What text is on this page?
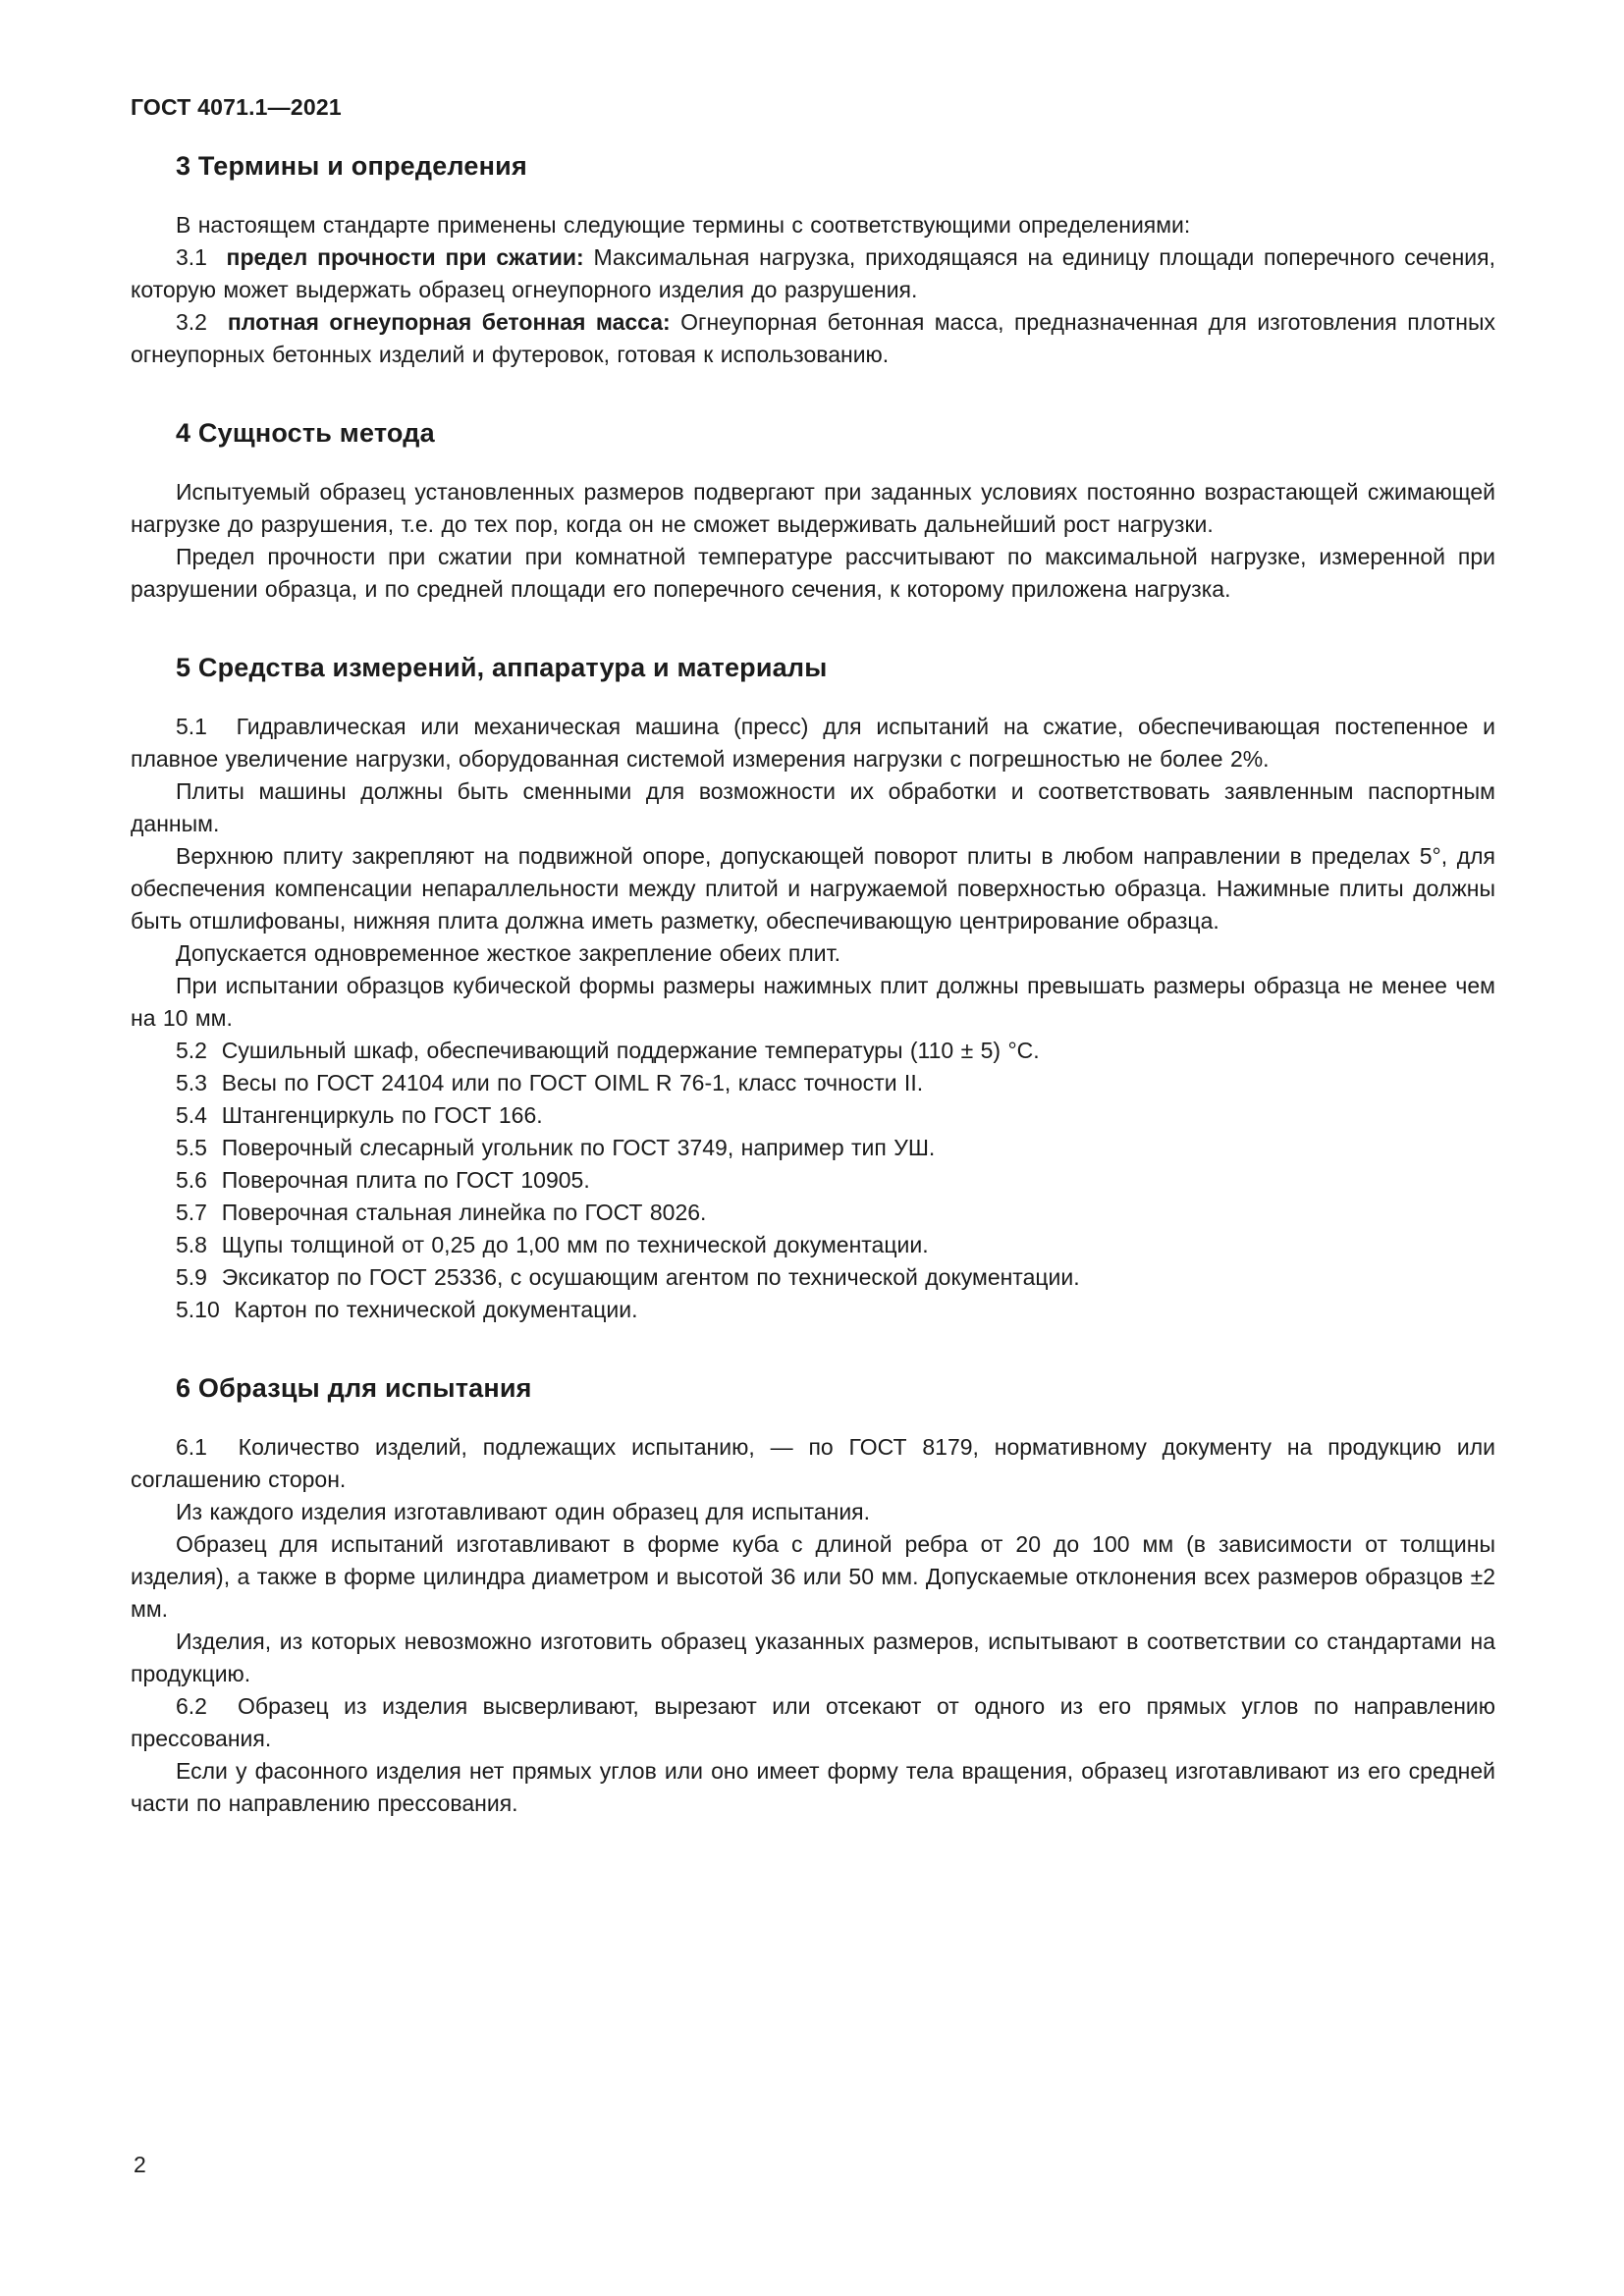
ГОСТ 4071.1—2021
3 Термины и определения

В настоящем стандарте применены следующие термины с соответствующими определениями:

3.1  предел прочности при сжатии: Максимальная нагрузка, приходящаяся на единицу площади поперечного сечения, которую может выдержать образец огнеупорного изделия до разрушения.

3.2  плотная огнеупорная бетонная масса: Огнеупорная бетонная масса, предназначенная для изготовления плотных огнеупорных бетонных изделий и футеровок, готовая к использованию.

4 Сущность метода

Испытуемый образец установленных размеров подвергают при заданных условиях постоянно возрастающей сжимающей нагрузке до разрушения, т.е. до тех пор, когда он не сможет выдерживать дальнейший рост нагрузки.

Предел прочности при сжатии при комнатной температуре рассчитывают по максимальной нагрузке, измеренной при разрушении образца, и по средней площади его поперечного сечения, к которому приложена нагрузка.

5 Средства измерений, аппаратура и материалы

5.1  Гидравлическая или механическая машина (пресс) для испытаний на сжатие, обеспечивающая постепенное и плавное увеличение нагрузки, оборудованная системой измерения нагрузки с погрешностью не более 2%.

Плиты машины должны быть сменными для возможности их обработки и соответствовать заявленным паспортным данным.

Верхнюю плиту закрепляют на подвижной опоре, допускающей поворот плиты в любом направлении в пределах 5°, для обеспечения компенсации непараллельности между плитой и нагружаемой поверхностью образца. Нажимные плиты должны быть отшлифованы, нижняя плита должна иметь разметку, обеспечивающую центрирование образца.

Допускается одновременное жесткое закрепление обеих плит.

При испытании образцов кубической формы размеры нажимных плит должны превышать размеры образца не менее чем на 10 мм.

5.2  Сушильный шкаф, обеспечивающий поддержание температуры (110 ± 5) °С.

5.3  Весы по ГОСТ 24104 или по ГОСТ OIML R 76-1, класс точности II.

5.4  Штангенциркуль по ГОСТ 166.

5.5  Поверочный слесарный угольник по ГОСТ 3749, например тип УШ.

5.6  Поверочная плита по ГОСТ 10905.

5.7  Поверочная стальная линейка по ГОСТ 8026.

5.8  Щупы толщиной от 0,25 до 1,00 мм по технической документации.

5.9  Эксикатор по ГОСТ 25336, с осушающим агентом по технической документации.

5.10  Картон по технической документации.

6 Образцы для испытания

6.1  Количество изделий, подлежащих испытанию, — по ГОСТ 8179, нормативному документу на продукцию или соглашению сторон.

Из каждого изделия изготавливают один образец для испытания.

Образец для испытаний изготавливают в форме куба с длиной ребра от 20 до 100 мм (в зависимости от толщины изделия), а также в форме цилиндра диаметром и высотой 36 или 50 мм. Допускаемые отклонения всех размеров образцов ±2 мм.

Изделия, из которых невозможно изготовить образец указанных размеров, испытывают в соответствии со стандартами на продукцию.

6.2  Образец из изделия высверливают, вырезают или отсекают от одного из его прямых углов по направлению прессования.

Если у фасонного изделия нет прямых углов или оно имеет форму тела вращения, образец изготавливают из его средней части по направлению прессования.

2
